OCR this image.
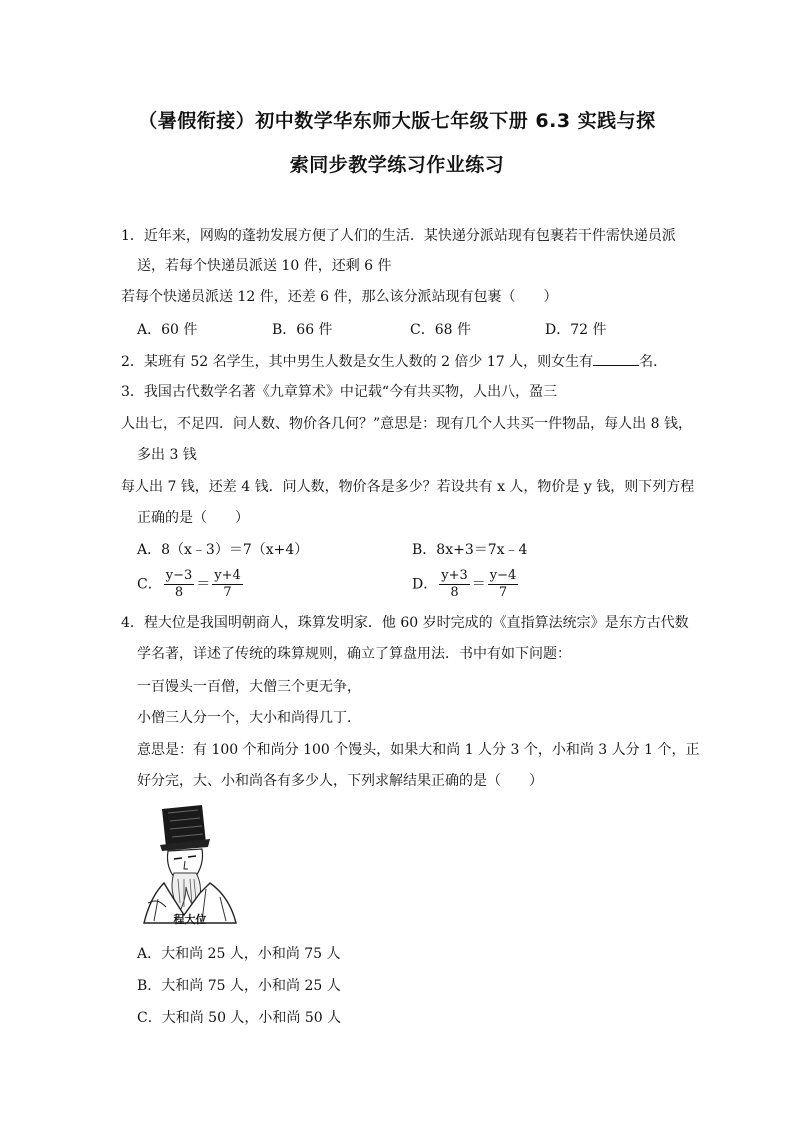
（暑假衔接）初中数学华东师大版七年级下册 6.3 实践与探
索同步教学练习作业练习
1．近年来，网购的蓬勃发展方便了人们的生活．某快递分派站现有包裹若干件需快递员派
送，若每个快递员派送 10 件，还剩 6 件
若每个快递员派送 12 件，还差 6 件，那么该分派站现有包裹（　　）
A．60 件	B．66 件	C．68 件	D．72 件
2．某班有 52 名学生，其中男生人数是女生人数的 2 倍少 17 人，则女生有	名．
3．我国古代数学名著《九章算术》中记载“今有共买物，人出八，盈三
人出七，不足四．问人数、物价各几何？”意思是：现有几个人共买一件物品，每人出 8 钱，
多出 3 钱
每人出 7 钱，还差 4 钱．问人数，物价各是多少？若设共有 x 人，物价是 y 钱，则下列方程
正确的是（　　）
A．8（x﹣3）＝7（x+4）	B．8x+3＝7x﹣4
C． $\frac{y-3}{8} = \frac{y+4}{7}$	D． $\frac{y+3}{8} = \frac{y-4}{7}$
4．程大位是我国明朝商人，珠算发明家．他 60 岁时完成的《直指算法统宗》是东方古代数
学名著，详述了传统的珠算规则，确立了算盘用法．书中有如下问题：
一百馒头一百僧，大僧三个更无争，
小僧三人分一个，大小和尚得几丁．
意思是：有 100 个和尚分 100 个馒头，如果大和尚 1 人分 3 个，小和尚 3 人分 1 个，正
好分完，大、小和尚各有多少人，下列求解结果正确的是（　　）
程大位
A．大和尚 25 人，小和尚 75 人
B．大和尚 75 人，小和尚 25 人
C．大和尚 50 人，小和尚 50 人
